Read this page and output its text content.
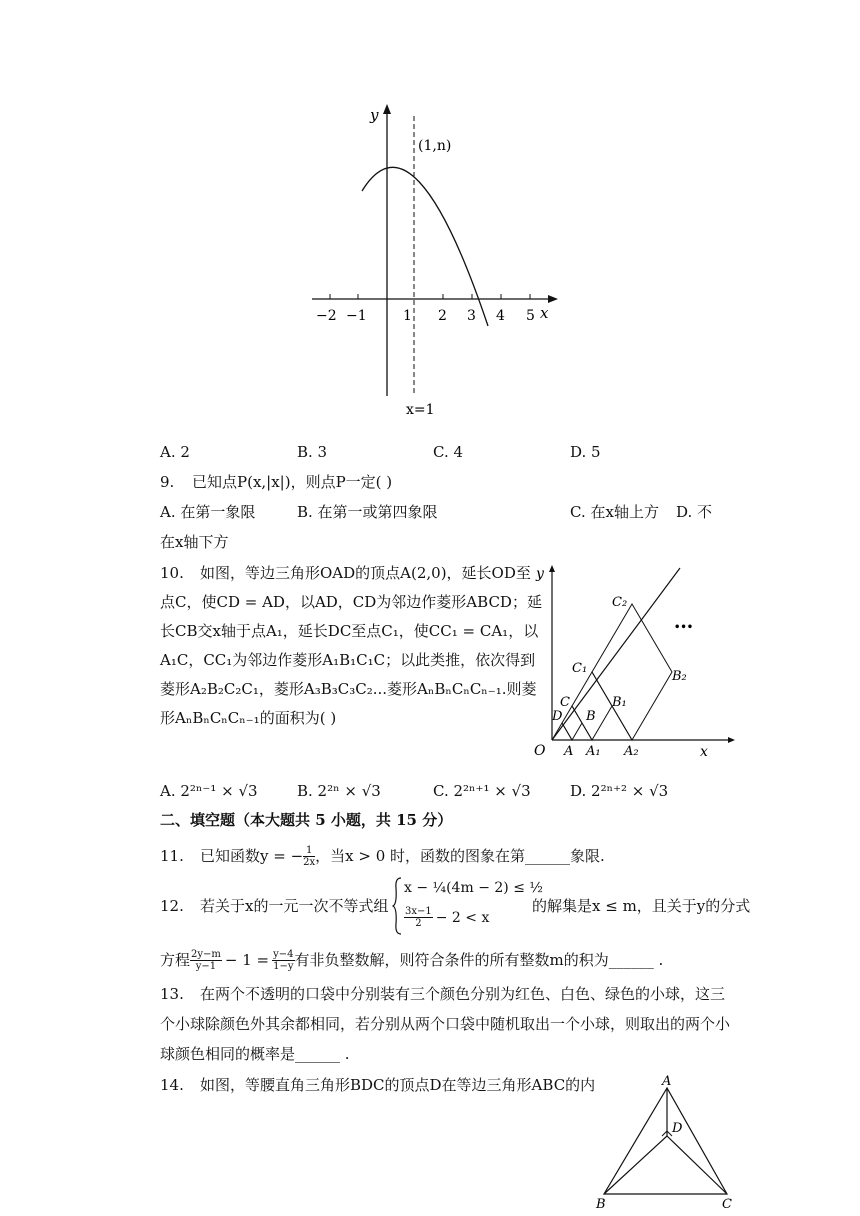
y
x
(1,n)
−2 −1	1 2 3 4 5
x=1
A. 2	B. 3	C. 4	D. 5
9. 已知点P(x,|x|)，则点P一定( )
A. 在第一象限	B. 在第一或第四象限	C. 在x轴上方 D. 不
在x轴下方
10. 如图，等边三角形OAD的顶点A(2,0)，延长OD至
点C，使CD = AD，以AD，CD为邻边作菱形ABCD；延
长CB交x轴于点A₁，延长DC至点C₁，使CC₁ = CA₁，以
A₁C，CC₁为邻边作菱形A₁B₁C₁C；以此类推，依次得到
菱形A₂B₂C₂C₁，菱形A₃B₃C₃C₂...菱形AₙBₙCₙCₙ₋₁.则菱
形AₙBₙCₙCₙ₋₁的面积为( )
y
x
O A A₁ A₂
D B
C	B₁
C₁
B₂
C₂
•••
A. 2²ⁿ⁻¹ × √3	B. 2²ⁿ × √3	C. 2²ⁿ⁺¹ × √3	D. 2²ⁿ⁺² × √3
二、填空题（本大题共 5 小题，共 15 分）
11. 已知函数y = − $\frac{1}{2x}$ ，当x > 0 时，函数的图象在第______象限.
12. 若关于x的一元一次不等式组
x − ¼(4m − 2) ≤ ½
$\frac{3x-1}{2} - 2 < x$
的解集是x ≤ m，且关于y的分式
方程 $\frac{2y-m}{y-1} - 1 = \frac{y-4}{1-y}$ 有非负整数解，则符合条件的所有整数m的积为______ .
13. 在两个不透明的口袋中分别装有三个颜色分别为红色、白色、绿色的小球，这三
个小球除颜色外其余都相同，若分别从两个口袋中随机取出一个小球，则取出的两个小
球颜色相同的概率是______ .
14. 如图，等腰直角三角形BDC的顶点D在等边三角形ABC的内	A
D
B	C
